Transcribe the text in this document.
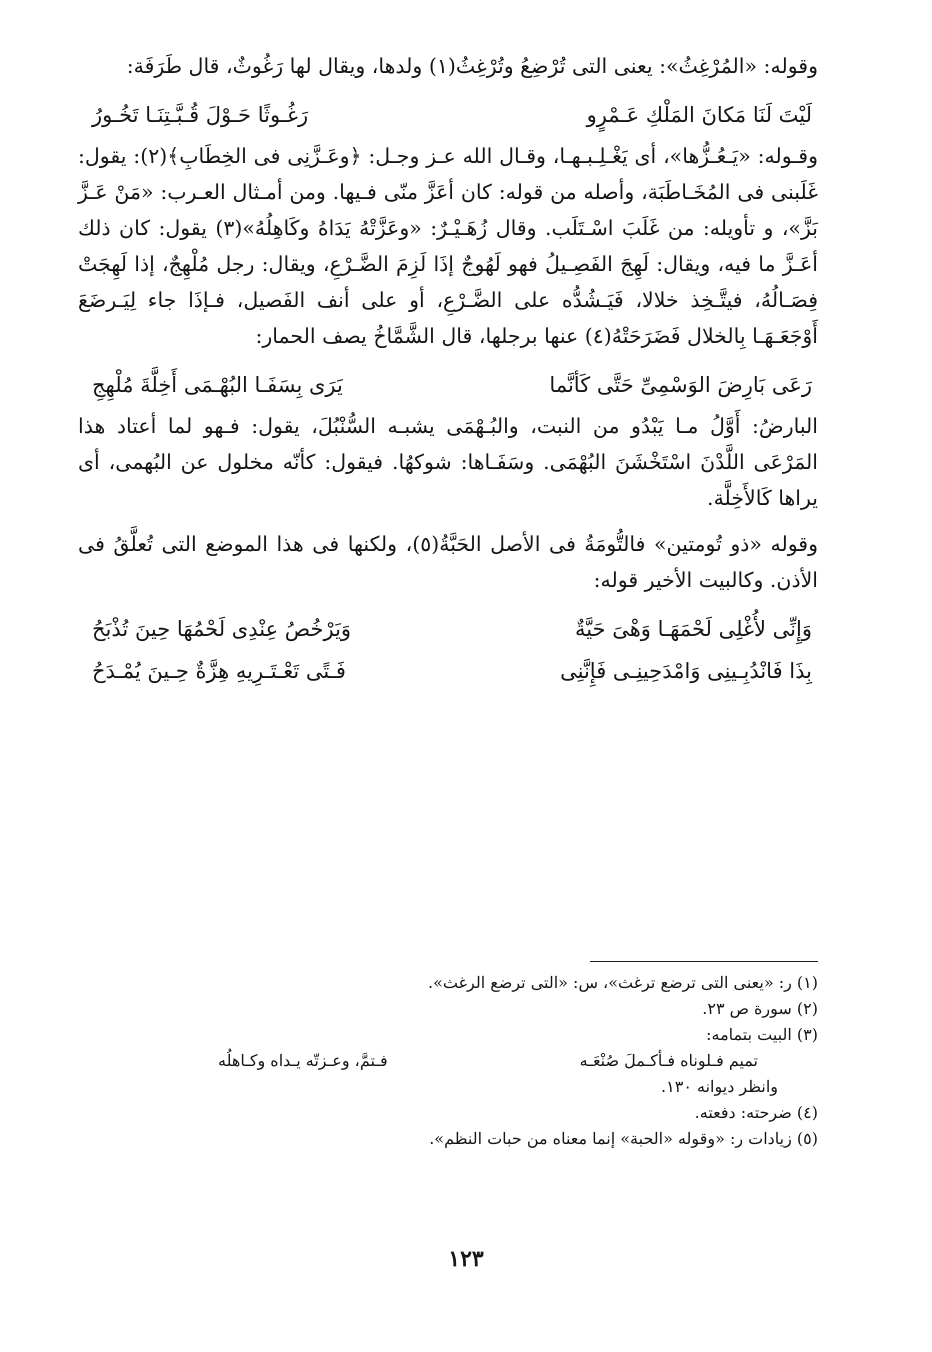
وقوله: «المُرْغِثُ»: يعنى التى تُرْضِعُ وتُرْغِثُ(١) ولدها، ويقال لها رَغُوثٌ، قال طَرَفَة:

لَيْتَ لَنَا مَكانَ المَلْكِ عَـمْرٍو
رَغُـوثًا حَـوْلَ قُـبَّـتِنَـا تَخُـورُ

وقـوله: «يَـعُـزُّها»، أى يَغْـلِـبـهـا، وقـال الله عـز وجـل: ﴿وعَـزَّنِى فى الخِطَابِ﴾(٢): يقول: غَلَبنى فى المُخَـاطَبَة، وأصله من قوله: كان أعَزَّ منّى فـيها. ومن أمـثال العـرب: «مَنْ عَـزَّ بَزَّ»، و تأويله: من غَلَبَ اسْـتَلَب. وقال زُهَـيْـرٌ: «وعَزَّتْهُ يَدَاهُ وكَاهِلُهُ»(٣) يقول: كان ذلك أعَـزَّ ما فيه، ويقال: لَهِجَ الفَصِـيلُ فهو لَهُوجٌ إذَا لَزِمَ الضَّـرْعِ، ويقال: رجل مُلْهِجٌ، إذا لَهِجَتْ فِصَـالُهُ، فيتَّـخِذ خلالا، فَيَـشُدُّه على الضَّـرْعِ، أو على أنف الفَصيل، فـإذَا جاء لِيَـرضَعَ أَوْجَعَـهَـا بِالخلال فَضَرَحَتْهُ(٤) عنها برجلها، قال الشَّمَّاخُ يصف الحمار:

رَعَى بَارِضَ الوَسْمِىِّ حَتَّى كَأنَّما
يَرَى بِسَفَـا البُهْـمَى أَخِلَّةَ مُلْهِجِ

البارضُ: أَوَّلُ مـا يَبْدُو من النبت، والبُـهْمَى يشبـه السُّنْبُلَ، يقول: فـهو لما أعتاد هذا المَرْعَى اللَّدْنَ اسْتَخْشَنَ البُهْمَى. وسَفَـاها: شوكهُا. فيقول: كأنّه مخلول عن البُهمى، أى يراها كَالأَخِلَّة.

وقوله «ذو تُومتين» فالتُّومَةُ فى الأصل الحَبَّةُ(٥)، ولكنها فى هذا الموضع التى تُعلَّقُ فى الأذن. وكالبيت الأخير قوله:

وَإِنِّى لأُغْلِى لَحْمَهَـا وَهْىَ حَيَّةٌ
وَيَرْخُصُ عِنْدِى لَحْمُهَا حِينَ تُذْبَحُ
بِذَا فَانْدُبِـينِى وَامْدَحِينِـى فَإِنَّنِى
فَـتًى تَعْـتَـرِيهِ هِزَّةٌ حِـينَ يُمْـدَحُ

(١) ر: «يعنى التى ترضع ترغث»، س: «التى ترضع الرغث».

(٢) سورة ص ٢٣.

(٣) البيت بتمامه:

تميم فـلوناه فـأكـملَ صُنْعَـه
فـتمَّ، وعـزتّه يـداه وكـاهلُه

وانظر ديوانه ١٣٠.

(٤) ضرحته: دفعته.

(٥) زيادات ر: «وقوله «الحبة» إنما معناه من حبات النظم».

١٢٣
